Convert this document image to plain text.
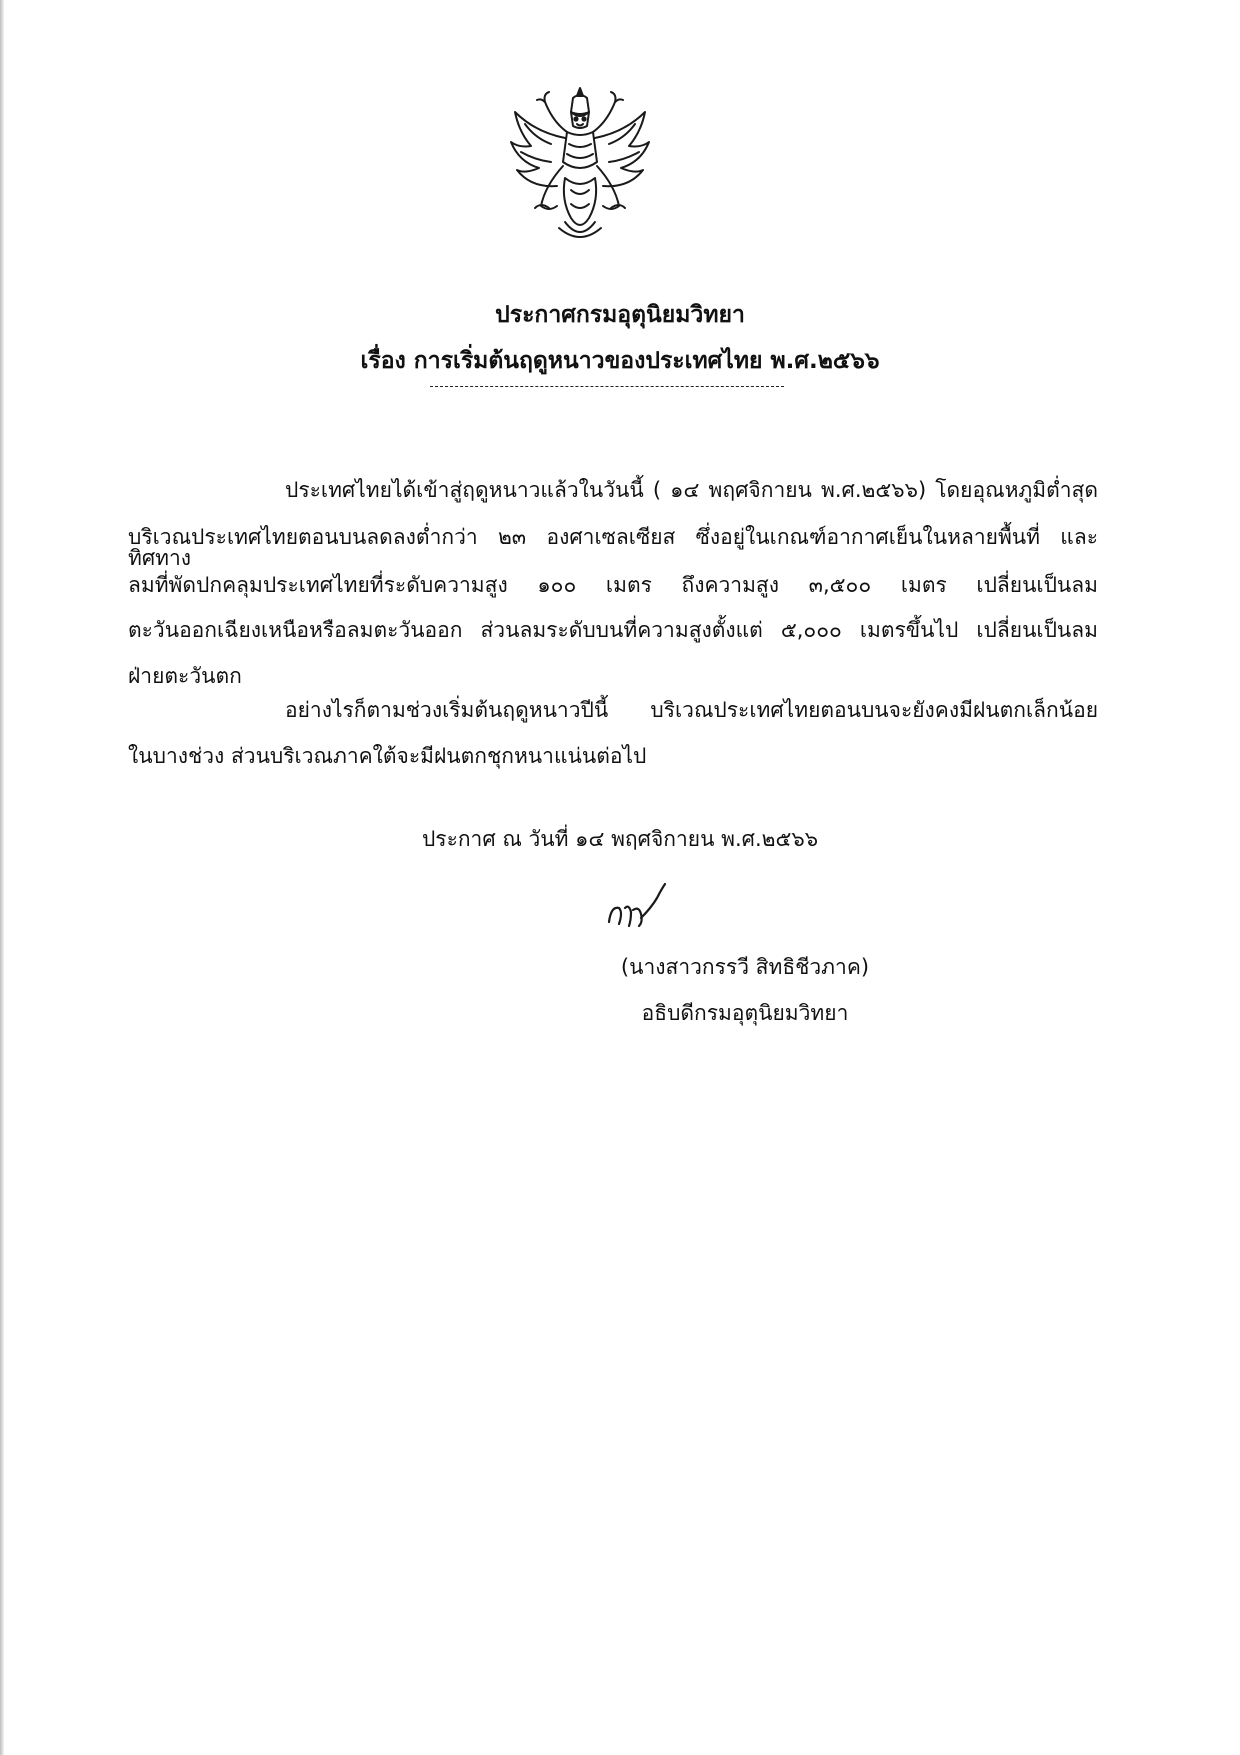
ประกาศกรมอุตุนิยมวิทยา
เรื่อง การเริ่มต้นฤดูหนาวของประเทศไทย พ.ศ.๒๕๖๖
ประเทศไทยได้เข้าสู่ฤดูหนาวแล้วในวันนี้ ( ๑๔ พฤศจิกายน พ.ศ.๒๕๖๖) โดยอุณหภูมิต่ำสุด
บริเวณประเทศไทยตอนบนลดลงต่ำกว่า ๒๓ องศาเซลเซียส ซึ่งอยู่ในเกณฑ์อากาศเย็นในหลายพื้นที่ และทิศทาง
ลมที่พัดปกคลุมประเทศไทยที่ระดับความสูง ๑๐๐ เมตร ถึงความสูง ๓,๕๐๐ เมตร เปลี่ยนเป็นลม
ตะวันออกเฉียงเหนือหรือลมตะวันออก ส่วนลมระดับบนที่ความสูงตั้งแต่ ๕,๐๐๐ เมตรขึ้นไป เปลี่ยนเป็นลม
ฝ่ายตะวันตก
อย่างไรก็ตามช่วงเริ่มต้นฤดูหนาวปีนี้ บริเวณประเทศไทยตอนบนจะยังคงมีฝนตกเล็กน้อย
ในบางช่วง ส่วนบริเวณภาคใต้จะมีฝนตกชุกหนาแน่นต่อไป
ประกาศ ณ วันที่ ๑๔ พฤศจิกายน พ.ศ.๒๕๖๖
(นางสาวกรรวี สิทธิชีวภาค)
อธิบดีกรมอุตุนิยมวิทยา
